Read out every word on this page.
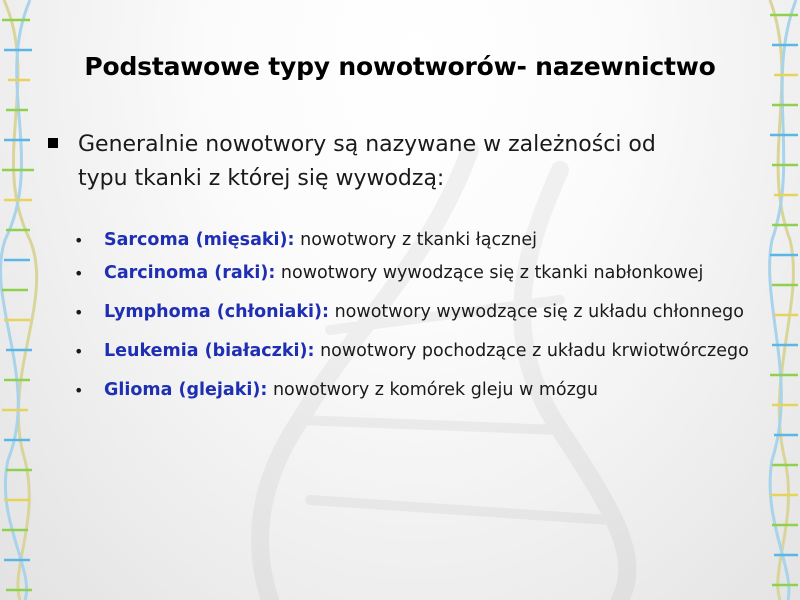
Podstawowe typy nowotworów- nazewnictwo
Generalnie nowotwory są nazywane w zależności od
typu tkanki z której się wywodzą:
•	Sarcoma (mięsaki): nowotwory z tkanki łącznej
•	Carcinoma (raki): nowotwory wywodzące się z tkanki nabłonkowej
•	Lymphoma (chłoniaki): nowotwory wywodzące się z układu chłonnego
•	Leukemia (białaczki): nowotwory pochodzące z układu krwiotwórczego
•	Glioma (glejaki): nowotwory z komórek gleju w mózgu
